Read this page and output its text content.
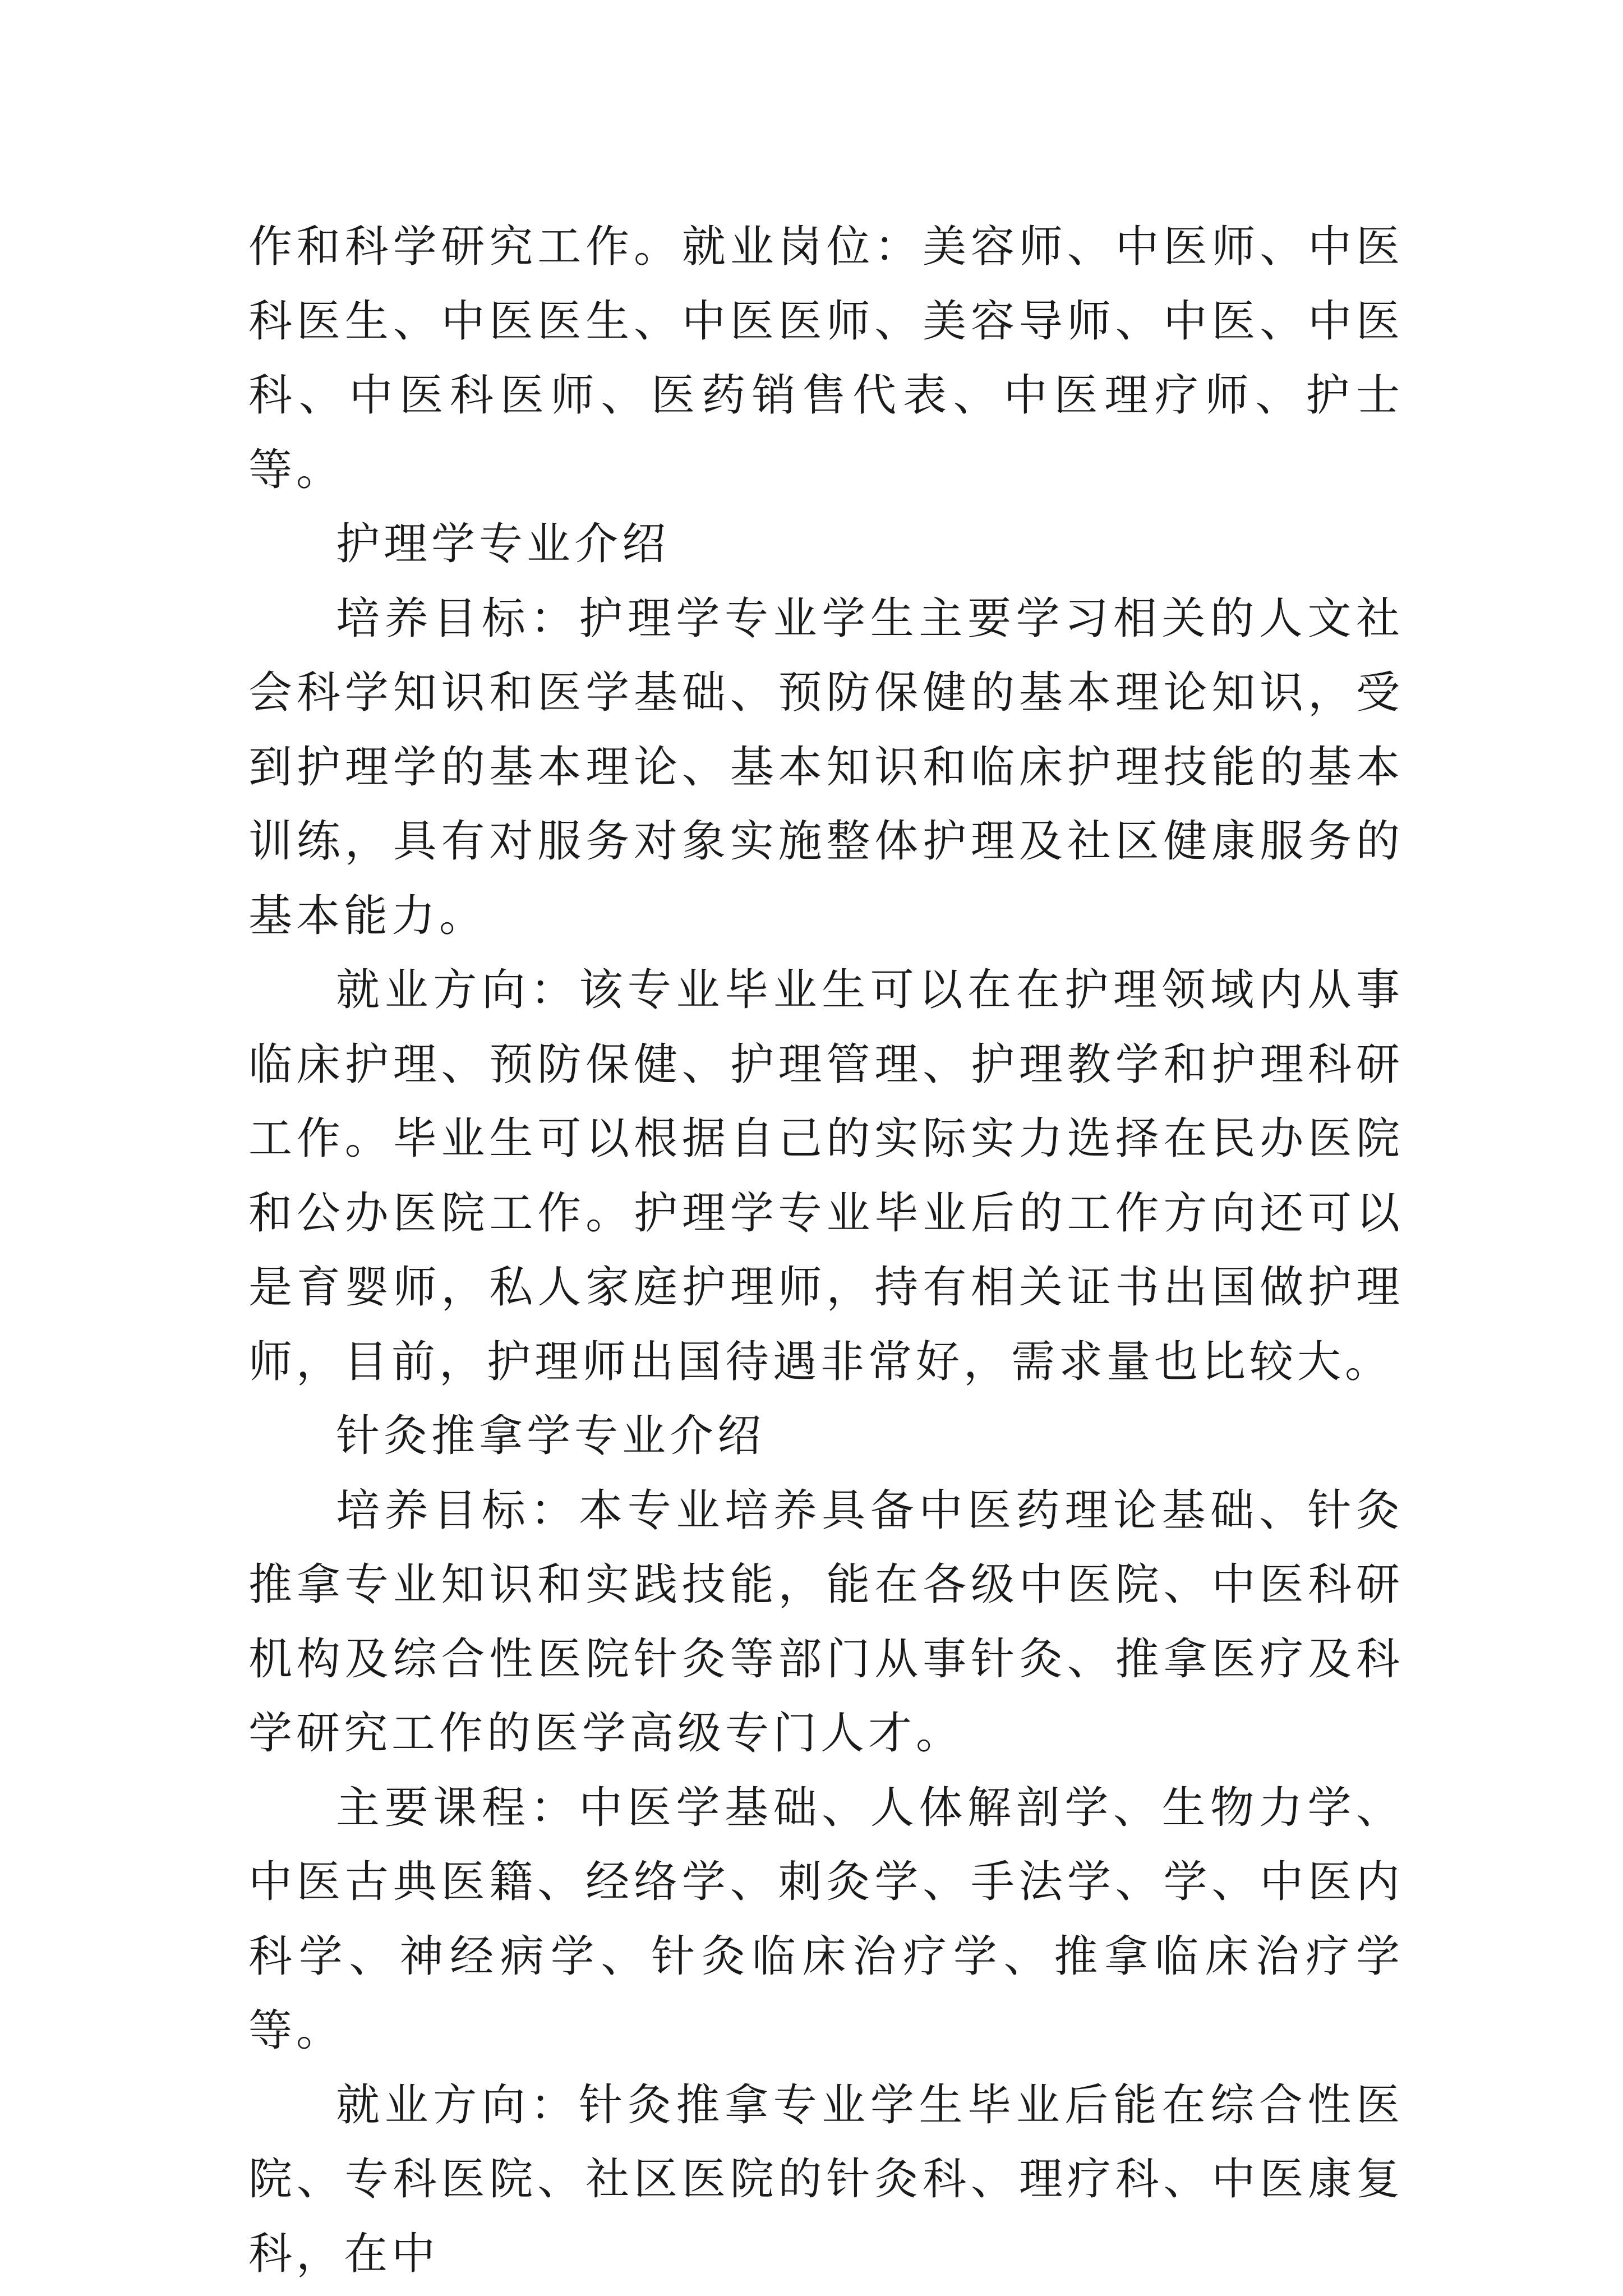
作和科学研究工作。就业岗位：美容师、中医师、中医科医生、中医医生、中医医师、美容导师、中医、中医科、中医科医师、医药销售代表、中医理疗师、护士等。

护理学专业介绍

培养目标：护理学专业学生主要学习相关的人文社会科学知识和医学基础、预防保健的基本理论知识，受到护理学的基本理论、基本知识和临床护理技能的基本训练，具有对服务对象实施整体护理及社区健康服务的基本能力。

就业方向：该专业毕业生可以在在护理领域内从事临床护理、预防保健、护理管理、护理教学和护理科研工作。毕业生可以根据自己的实际实力选择在民办医院和公办医院工作。护理学专业毕业后的工作方向还可以是育婴师，私人家庭护理师，持有相关证书出国做护理师，目前，护理师出国待遇非常好，需求量也比较大。

针灸推拿学专业介绍

培养目标：本专业培养具备中医药理论基础、针灸推拿专业知识和实践技能，能在各级中医院、中医科研机构及综合性医院针灸等部门从事针灸、推拿医疗及科学研究工作的医学高级专门人才。

主要课程：中医学基础、人体解剖学、生物力学、中医古典医籍、经络学、刺灸学、手法学、学、中医内科学、神经病学、针灸临床治疗学、推拿临床治疗学等。

就业方向：针灸推拿专业学生毕业后能在综合性医院、专科医院、社区医院的针灸科、理疗科、中医康复科，在中
